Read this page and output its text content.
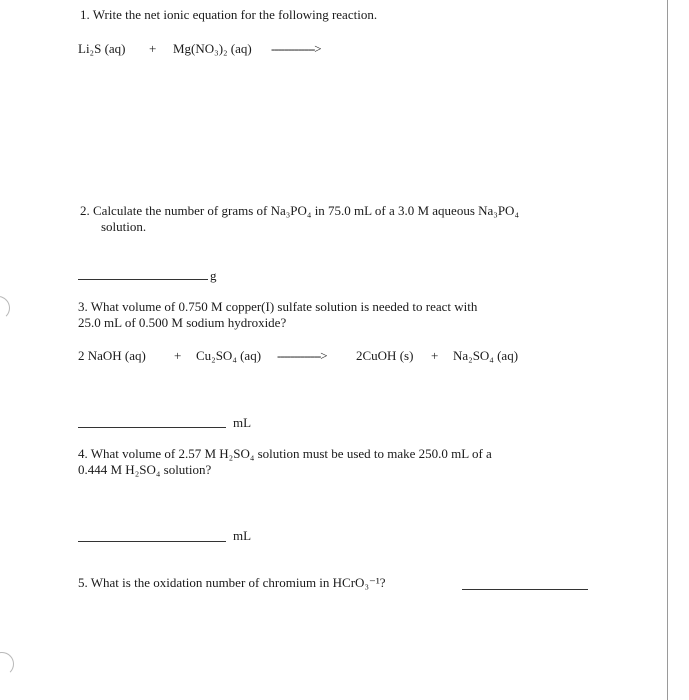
1. Write the net ionic equation for the following reaction.
Li₂S (aq) + Mg(NO₃)₂ (aq) ------------->
2. Calculate the number of grams of Na₃PO₄ in 75.0 mL of a 3.0 M aqueous Na₃PO₄
solution.
g
3. What volume of 0.750 M copper(I) sulfate solution is needed to react with
25.0 mL of 0.500 M sodium hydroxide?
2 NaOH (aq) + Cu₂SO₄ (aq) -------------> 2CuOH (s) + Na₂SO₄ (aq)
mL
4. What volume of 2.57 M H₂SO₄ solution must be used to make 250.0 mL of a
0.444 M H₂SO₄ solution?
mL
5. What is the oxidation number of chromium in HCrO₃⁻¹?
